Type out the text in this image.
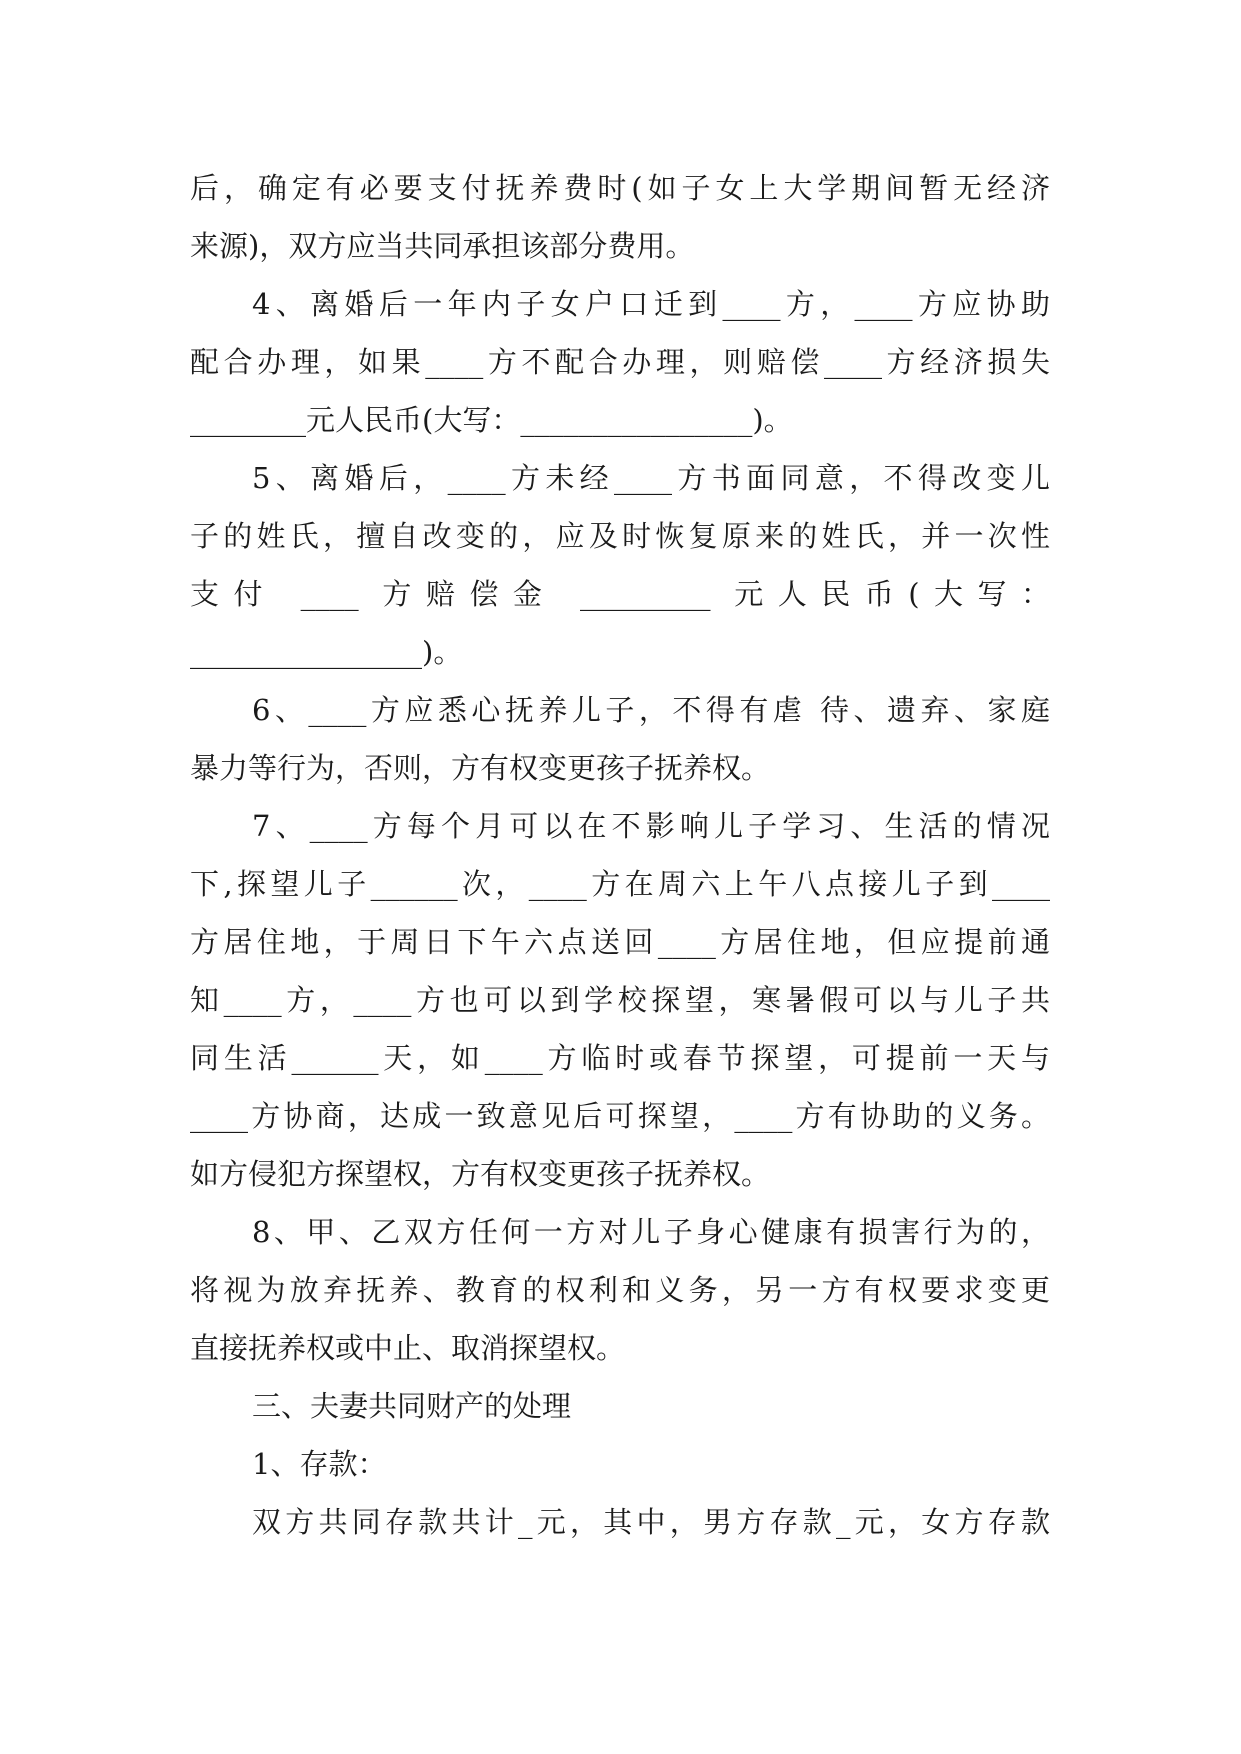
后，确定有必要支付抚养费时(如子女上大学期间暂无经济
来源)，双方应当共同承担该部分费用。
4、离婚后一年内子女户口迁到____方，____方应协助
配合办理，如果____方不配合办理，则赔偿____方经济损失
________元人民币(大写：________________)。
5、离婚后，____方未经____方书面同意，不得改变儿
子的姓氏，擅自改变的，应及时恢复原来的姓氏，并一次性
支付 ____ 方赔偿金 _________ 元人民币(大写：
________________)。
6、____方应悉心抚养儿子，不得有虐 待、遗弃、家庭
暴力等行为，否则，方有权变更孩子抚养权。
7、____方每个月可以在不影响儿子学习、生活的情况
下,探望儿子______次，____方在周六上午八点接儿子到____
方居住地，于周日下午六点送回____方居住地，但应提前通
知____方，____方也可以到学校探望，寒暑假可以与儿子共
同生活______天，如____方临时或春节探望，可提前一天与
____方协商，达成一致意见后可探望，____方有协助的义务。
如方侵犯方探望权，方有权变更孩子抚养权。
8、甲、乙双方任何一方对儿子身心健康有损害行为的，
将视为放弃抚养、教育的权利和义务，另一方有权要求变更
直接抚养权或中止、取消探望权。
三、夫妻共同财产的处理
1、存款：
双方共同存款共计_元，其中，男方存款_元，女方存款
